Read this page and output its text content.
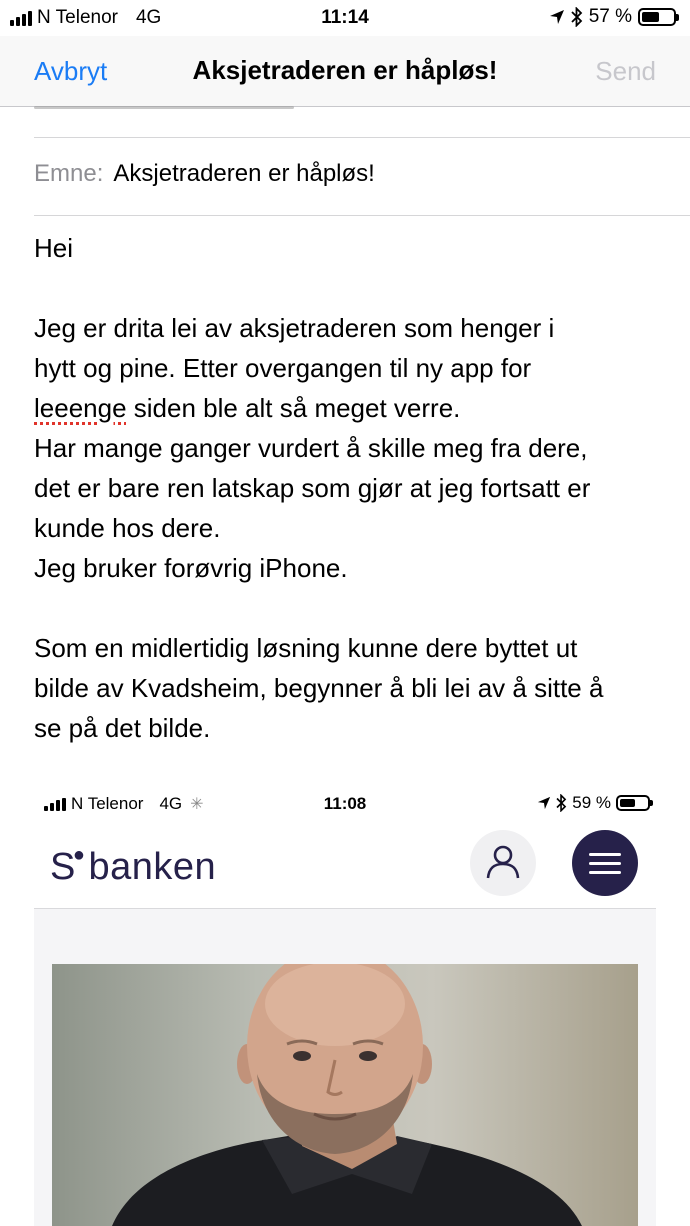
N Telenor 4G	11:14	57 %
Avbryt	Aksjetraderen er håpløs!	Send
Emne: Aksjetraderen er håpløs!

Hei

Jeg er drita lei av aksjetraderen som henger i

hytt og pine. Etter overgangen til ny app for

leeenge siden ble alt så meget verre.

Har mange ganger vurdert å skille meg fra dere,

det er bare ren latskap som gjør at jeg fortsatt er

kunde hos dere.

Jeg bruker forøvrig iPhone.

Som en midlertidig løsning kunne dere byttet ut

bilde av Kvadsheim, begynner å bli lei av å sitte å

se på det bilde.

N Telenor 4G ✳	11:08	59 %
S●banken
